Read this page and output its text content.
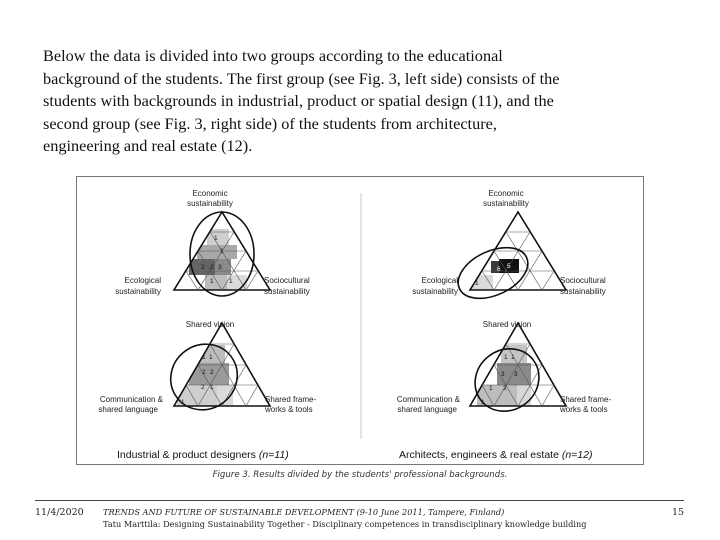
Below the data is divided into two groups according to the educational
background of the students. The first group (see Fig. 3, left side) consists of the
students with backgrounds in industrial, product or spatial design (11), and the
second group (see Fig. 3, right side) of the students from architecture,
engineering and real estate (12).
1
1
2 2 3
1 1
Economic
sustainability
Ecological
sustainability
Sociocultural
sustainability
Shared vision
1 1
2 2
2 1
1
Communication &
shared language
Shared frame-
works & tools
Industrial & product designers (n=11)
6 5
1
Economic
sustainability
Ecological
sustainability
Sociocultural
sustainability
Shared vision
1 1
3 3
1 2
1
Communication &
shared language
Shared frame-
works & tools
Architects, engineers & real estate (n=12)
Figure 3. Results divided by the students' professional backgrounds.
11/4/2020 TRENDS AND FUTURE OF SUSTAINABLE DEVELOPMENT (9-10 June 2011, Tampere, Finland)
Tatu Marttila: Designing Sustainability Together - Disciplinary competences in transdisciplinary knowledge building
15
